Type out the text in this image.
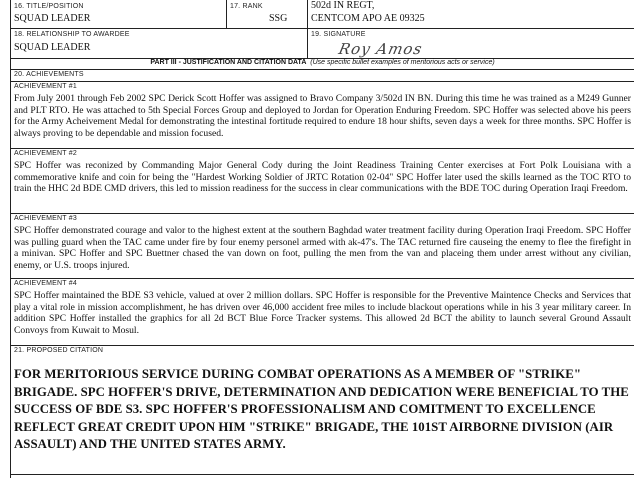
16. TITLE/POSITION
SQUAD LEADER
17. RANK
SSG
502d IN REGT,
CENTCOM APO AE 09325
18. RELATIONSHIP TO AWARDEE
SQUAD LEADER
19. SIGNATURE
Roy Amos
PART III - JUSTIFICATION AND CITATION DATA (Use specific bullet examples of meritorious acts or service)
20. ACHIEVEMENTS
ACHIEVEMENT #1
From July 2001 through Feb 2002 SPC Derick Scott Hoffer was assigned to Bravo Company 3/502d IN BN. During this time he was trained as a M249 Gunner and PLT RTO. He was attached to 5th Special Forces Group and deployed to Jordan for Operation Enduring Freedom. SPC Hoffer was selected above his peers for the Army Acheivement Medal for demonstrating the intestinal fortitude required to endure 18 hour shifts, seven days a week for three months. SPC Hoffer is always proving to be dependable and mission focused.
ACHIEVEMENT #2
SPC Hoffer was reconized by Commanding Major General Cody during the Joint Readiness Training Center exercises at Fort Polk Louisiana with a commemorative knife and coin for being the "Hardest Working Soldier of JRTC Rotation 02-04" SPC Hoffer later used the skills learned as the TOC RTO to train the HHC 2d BDE CMD drivers, this led to mission readiness for the success in clear communications with the BDE TOC during Operation Iraqi Freedom.
ACHIEVEMENT #3
SPC Hoffer demonstrated courage and valor to the highest extent at the southern Baghdad water treatment facility during Operation Iraqi Freedom. SPC Hoffer was pulling guard when the TAC came under fire by four enemy personel armed with ak-47's. The TAC returned fire causeing the enemy to flee the firefight in a minivan. SPC Hoffer and SPC Buettner chased the van down on foot, pulling the men from the van and placeing them under arrest without any civilian, enemy, or U.S. troops injured.
ACHIEVEMENT #4
SPC Hoffer maintained the BDE S3 vehicle, valued at over 2 million dollars. SPC Hoffer is responsible for the Preventive Maintence Checks and Services that play a vital role in mission accomplishment, he has driven over 46,000 accident free miles to include blackout operations while in his 3 year military career. In addition SPC Hoffer installed the graphics for all 2d BCT Blue Force Tracker systems. This allowed 2d BCT the ability to launch several Ground Assault Convoys from Kuwait to Mosul.
21. PROPOSED CITATION
FOR MERITORIOUS SERVICE DURING COMBAT OPERATIONS AS A MEMBER OF "STRIKE" BRIGADE. SPC HOFFER'S DRIVE, DETERMINATION AND DEDICATION WERE BENEFICIAL TO THE SUCCESS OF BDE S3. SPC HOFFER'S PROFESSIONALISM AND COMITMENT TO EXCELLENCE REFLECT GREAT CREDIT UPON HIM "STRIKE" BRIGADE, THE 101ST AIRBORNE DIVISION (AIR ASSAULT) AND THE UNITED STATES ARMY.
